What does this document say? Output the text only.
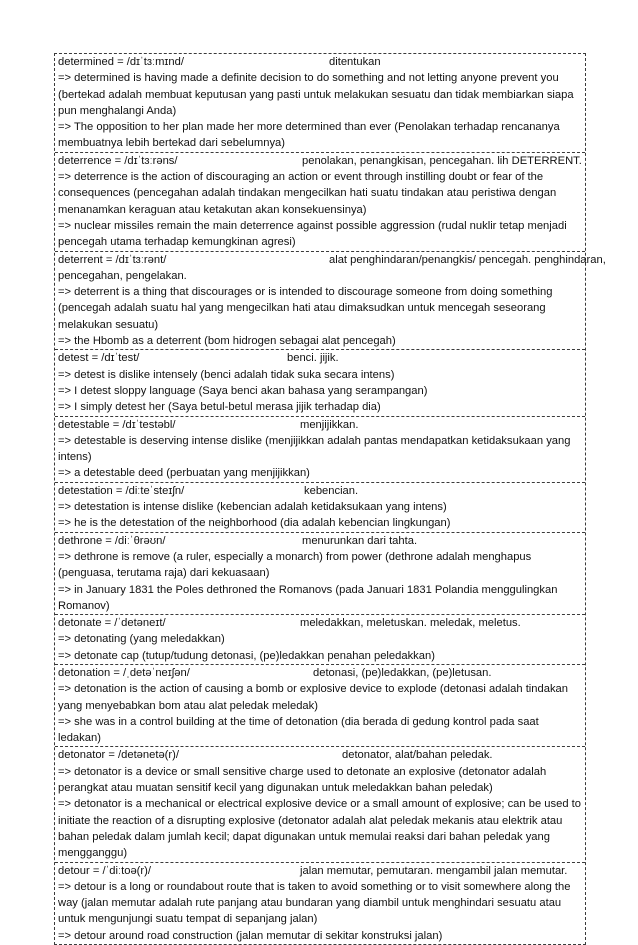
determined = /dɪˈtɜːmɪnd/	ditentukan
=> determined is having made a definite decision to do something and not letting anyone prevent you (bertekad adalah membuat keputusan yang pasti untuk melakukan sesuatu dan tidak membiarkan siapa pun menghalangi Anda)
=> The opposition to her plan made her more determined than ever (Penolakan terhadap rencananya membuatnya lebih bertekad dari sebelumnya)
deterrence = /dɪˈtɜːrəns/	penolakan, penangkisan, pencegahan. lih DETERRENT.
=> deterrence is the action of discouraging an action or event through instilling doubt or fear of the consequences (pencegahan adalah tindakan mengecilkan hati suatu tindakan atau peristiwa dengan menanamkan keraguan atau ketakutan akan konsekuensinya)
=> nuclear missiles remain the main deterrence against possible aggression (rudal nuklir tetap menjadi pencegah utama terhadap kemungkinan agresi)
deterrent = /dɪˈtɜːrənt/	alat penghindaran/penangkis/ pencegah. penghindaran,
pencegahan, pengelakan.
=> deterrent is a thing that discourages or is intended to discourage someone from doing something (pencegah adalah suatu hal yang mengecilkan hati atau dimaksudkan untuk mencegah seseorang melakukan sesuatu)
=> the Hbomb as a deterrent (bom hidrogen sebagai alat pencegah)
detest = /dɪˈtest/	benci. jijik.
=> detest is dislike intensely (benci adalah tidak suka secara intens)
=> I detest sloppy language (Saya benci akan bahasa yang serampangan)
=> I simply detest her (Saya betul-betul merasa jijik terhadap dia)
detestable = /dɪˈtestəbl/	menjijikkan.
=> detestable is deserving intense dislike (menjijikkan adalah pantas mendapatkan ketidaksukaan yang intens)
=> a detestable deed (perbuatan yang menjijikkan)
detestation = /diːteˈsteɪʃn/	kebencian.
=> detestation is intense dislike (kebencian adalah ketidaksukaan yang intens)
=> he is the detestation of the neighborhood (dia adalah kebencian lingkungan)
dethrone = /diːˈθrəʊn/	menurunkan dari tahta.
=> dethrone is remove (a ruler, especially a monarch) from power (dethrone adalah menghapus (penguasa, terutama raja) dari kekuasaan)
=> in January 1831 the Poles dethroned the Romanovs (pada Januari 1831 Polandia menggulingkan Romanov)
detonate = /ˈdetəneɪt/	meledakkan, meletuskan. meledak, meletus.
=> detonating (yang meledakkan)
=> detonate cap (tutup/tudung detonasi, (pe)ledakkan penahan peledakkan)
detonation = /ˌdetəˈneɪʃən/	detonasi, (pe)ledakkan, (pe)letusan.
=> detonation is the action of causing a bomb or explosive device to explode (detonasi adalah tindakan yang menyebabkan bom atau alat peledak meledak)
=> she was in a control building at the time of detonation (dia berada di gedung kontrol pada saat ledakan)
detonator = /detənetə(r)/	detonator, alat/bahan peledak.
=> detonator is a device or small sensitive charge used to detonate an explosive (detonator adalah perangkat atau muatan sensitif kecil yang digunakan untuk meledakkan bahan peledak)
=> detonator is a mechanical or electrical explosive device or a small amount of explosive; can be used to initiate the reaction of a disrupting explosive (detonator adalah alat peledak mekanis atau elektrik atau bahan peledak dalam jumlah kecil; dapat digunakan untuk memulai reaksi dari bahan peledak yang mengganggu)
detour = /ˈdiːtoə(r)/	jalan memutar, pemutaran. mengambil jalan memutar.
=> detour is a long or roundabout route that is taken to avoid something or to visit somewhere along the way (jalan memutar adalah rute panjang atau bundaran yang diambil untuk menghindari sesuatu atau untuk mengunjungi suatu tempat di sepanjang jalan)
=> detour around road construction (jalan memutar di sekitar konstruksi jalan)
